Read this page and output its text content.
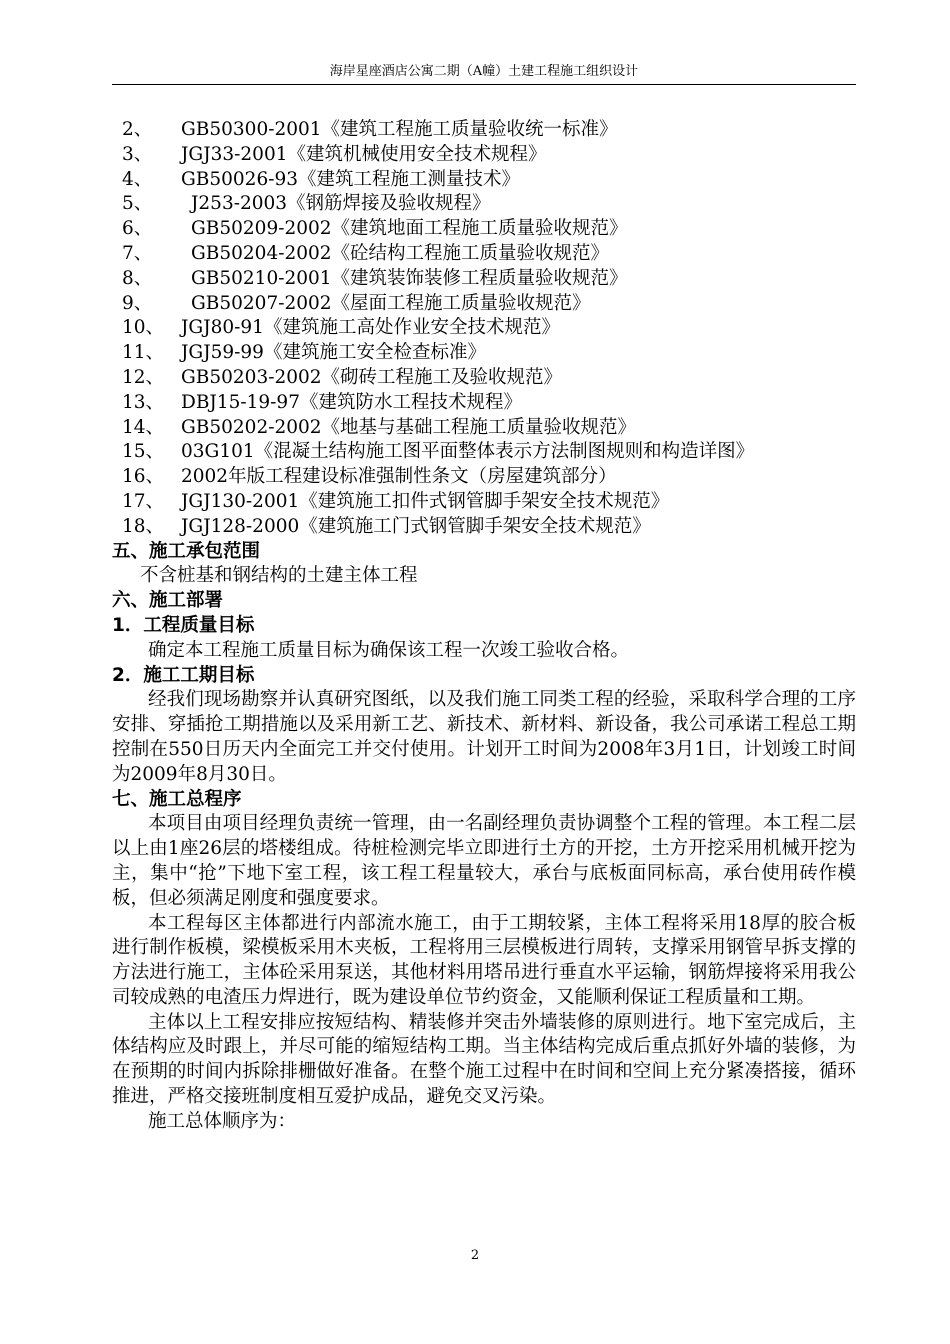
海岸星座酒店公寓二期（A幢）土建工程施工组织设计
2、 GB50300-2001《建筑工程施工质量验收统一标准》
3、 JGJ33-2001《建筑机械使用安全技术规程》
4、 GB50026-93《建筑工程施工测量技术》
5、 J253-2003《钢筋焊接及验收规程》
6、 GB50209-2002《建筑地面工程施工质量验收规范》
7、 GB50204-2002《砼结构工程施工质量验收规范》
8、 GB50210-2001《建筑装饰装修工程质量验收规范》
9、 GB50207-2002《屋面工程施工质量验收规范》
10、 JGJ80-91《建筑施工高处作业安全技术规范》
11、 JGJ59-99《建筑施工安全检查标准》
12、 GB50203-2002《砌砖工程施工及验收规范》
13、 DBJ15-19-97《建筑防水工程技术规程》
14、 GB50202-2002《地基与基础工程施工质量验收规范》
15、 03G101《混凝土结构施工图平面整体表示方法制图规则和构造详图》
16、 2002年版工程建设标准强制性条文（房屋建筑部分）
17、 JGJ130-2001《建筑施工扣件式钢管脚手架安全技术规范》
18、 JGJ128-2000《建筑施工门式钢管脚手架安全技术规范》
五、施工承包范围

不含桩基和钢结构的土建主体工程

六、施工部署
1．工程质量目标

确定本工程施工质量目标为确保该工程一次竣工验收合格。

2．施工工期目标

经我们现场勘察并认真研究图纸，以及我们施工同类工程的经验，采取科学合理的工序安排、穿插抢工期措施以及采用新工艺、新技术、新材料、新设备，我公司承诺工程总工期控制在550日历天内全面完工并交付使用。计划开工时间为2008年3月1日，计划竣工时间为2009年8月30日。

七、施工总程序

本项目由项目经理负责统一管理，由一名副经理负责协调整个工程的管理。本工程二层以上由1座26层的塔楼组成。待桩检测完毕立即进行土方的开挖，土方开挖采用机械开挖为主，集中“抢”下地下室工程，该工程工程量较大，承台与底板面同标高，承台使用砖作模板，但必须满足刚度和强度要求。

本工程每区主体都进行内部流水施工，由于工期较紧，主体工程将采用18厚的胶合板进行制作板模，梁模板采用木夹板，工程将用三层模板进行周转，支撑采用钢管早拆支撑的方法进行施工，主体砼采用泵送，其他材料用塔吊进行垂直水平运输，钢筋焊接将采用我公司较成熟的电渣压力焊进行，既为建设单位节约资金，又能顺利保证工程质量和工期。

主体以上工程安排应按短结构、精装修并突击外墙装修的原则进行。地下室完成后，主体结构应及时跟上，并尽可能的缩短结构工期。当主体结构完成后重点抓好外墙的装修，为在预期的时间内拆除排栅做好准备。在整个施工过程中在时间和空间上充分紧凑搭接，循环推进，严格交接班制度相互爱护成品，避免交叉污染。

施工总体顺序为：

2
